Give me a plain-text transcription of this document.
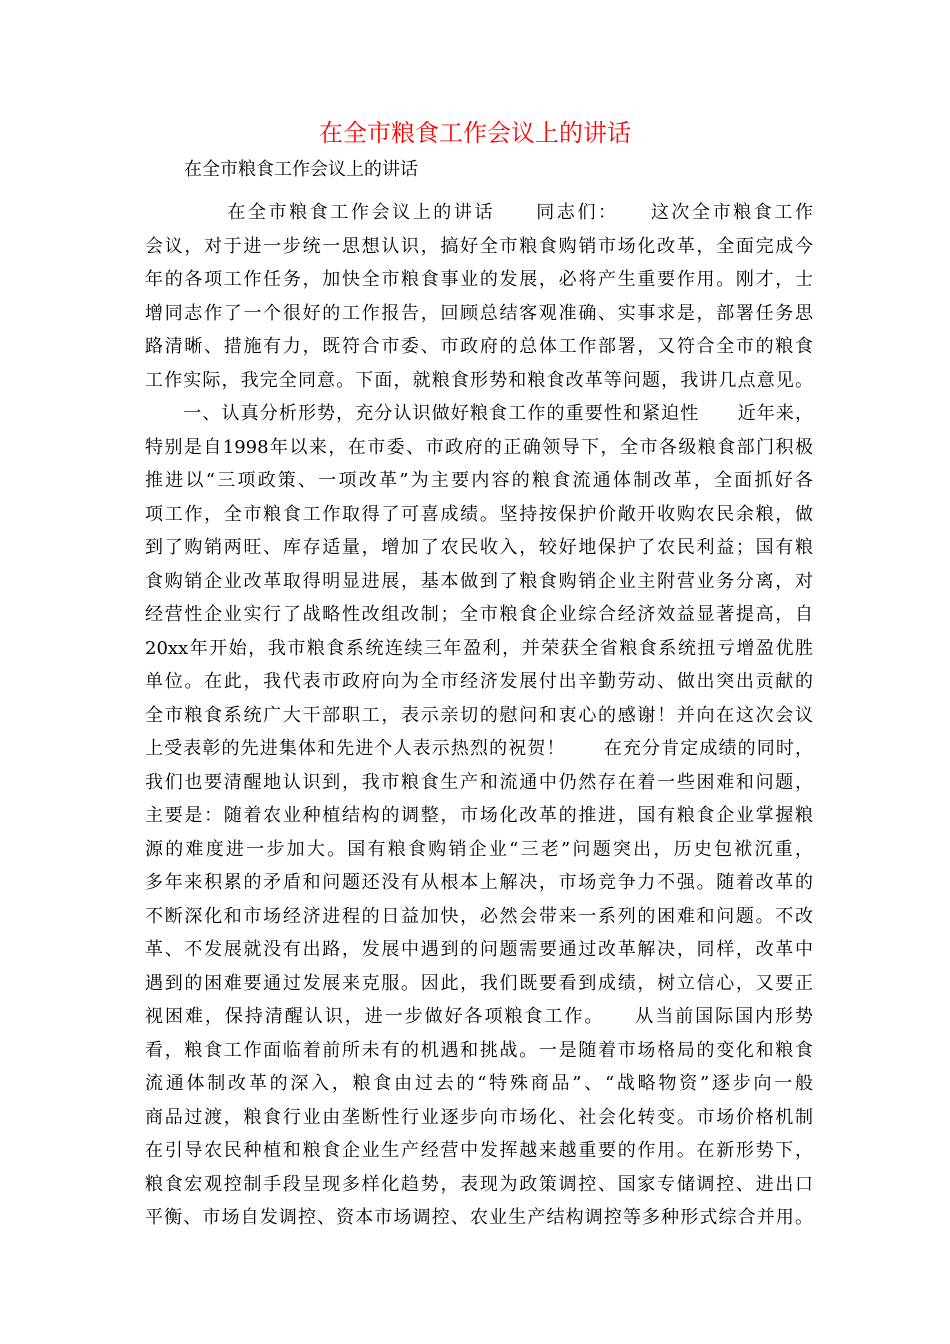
在全市粮食工作会议上的讲话

在全市粮食工作会议上的讲话

　　　　在全市粮食工作会议上的讲话　　同志们：　　这次全市粮食工作
会议，对于进一步统一思想认识，搞好全市粮食购销市场化改革，全面完成今
年的各项工作任务，加快全市粮食事业的发展，必将产生重要作用。刚才，士
增同志作了一个很好的工作报告，回顾总结客观准确、实事求是，部署任务思
路清晰、措施有力，既符合市委、市政府的总体工作部署，又符合全市的粮食
工作实际，我完全同意。下面，就粮食形势和粮食改革等问题，我讲几点意见。
　　一、认真分析形势，充分认识做好粮食工作的重要性和紧迫性　　近年来，
特别是自1998年以来，在市委、市政府的正确领导下，全市各级粮食部门积极
推进以“三项政策、一项改革”为主要内容的粮食流通体制改革，全面抓好各
项工作，全市粮食工作取得了可喜成绩。坚持按保护价敞开收购农民余粮，做
到了购销两旺、库存适量，增加了农民收入，较好地保护了农民利益；国有粮
食购销企业改革取得明显进展，基本做到了粮食购销企业主附营业务分离，对
经营性企业实行了战略性改组改制；全市粮食企业综合经济效益显著提高，自
20xx年开始，我市粮食系统连续三年盈利，并荣获全省粮食系统扭亏增盈优胜
单位。在此，我代表市政府向为全市经济发展付出辛勤劳动、做出突出贡献的
全市粮食系统广大干部职工，表示亲切的慰问和衷心的感谢！并向在这次会议
上受表彰的先进集体和先进个人表示热烈的祝贺！　　在充分肯定成绩的同时，
我们也要清醒地认识到，我市粮食生产和流通中仍然存在着一些困难和问题，
主要是：随着农业种植结构的调整，市场化改革的推进，国有粮食企业掌握粮
源的难度进一步加大。国有粮食购销企业“三老”问题突出，历史包袱沉重，
多年来积累的矛盾和问题还没有从根本上解决，市场竞争力不强。随着改革的
不断深化和市场经济进程的日益加快，必然会带来一系列的困难和问题。不改
革、不发展就没有出路，发展中遇到的问题需要通过改革解决，同样，改革中
遇到的困难要通过发展来克服。因此，我们既要看到成绩，树立信心，又要正
视困难，保持清醒认识，进一步做好各项粮食工作。　　从当前国际国内形势
看，粮食工作面临着前所未有的机遇和挑战。一是随着市场格局的变化和粮食
流通体制改革的深入，粮食由过去的“特殊商品”、“战略物资”逐步向一般
商品过渡，粮食行业由垄断性行业逐步向市场化、社会化转变。市场价格机制
在引导农民种植和粮食企业生产经营中发挥越来越重要的作用。在新形势下，
粮食宏观控制手段呈现多样化趋势，表现为政策调控、国家专储调控、进出口
平衡、市场自发调控、资本市场调控、农业生产结构调控等多种形式综合并用。
